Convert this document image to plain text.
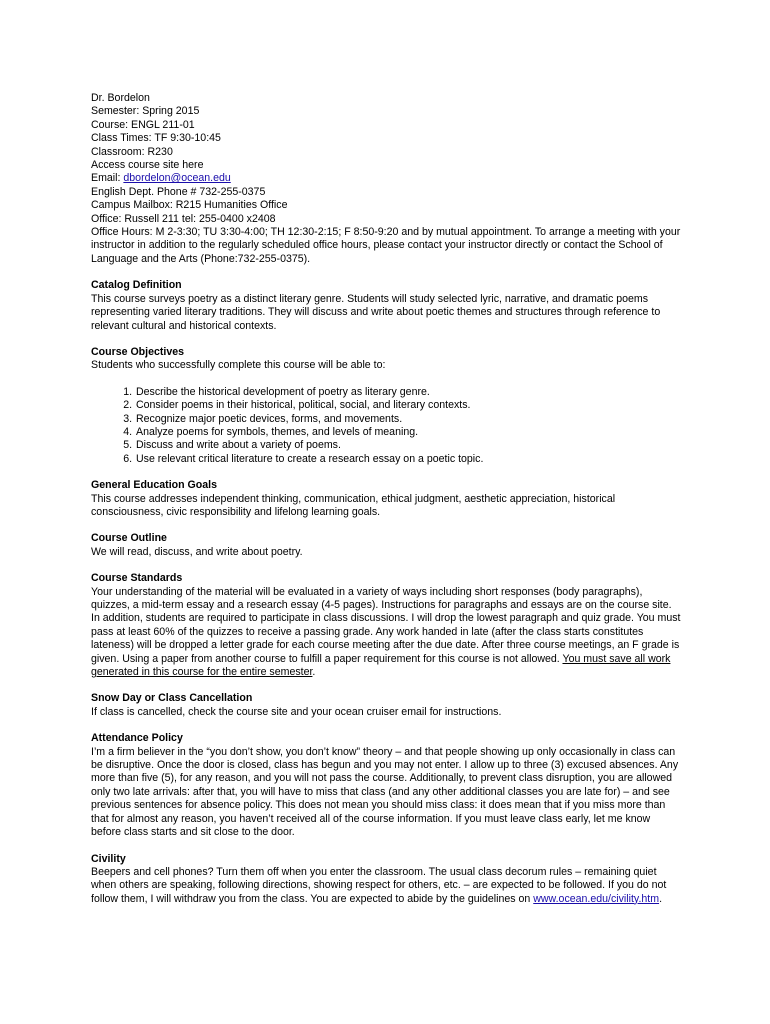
Dr. Bordelon
Semester: Spring 2015
Course: ENGL 211-01
Class Times: TF 9:30-10:45
Classroom: R230
Access course site here
Email: dbordelon@ocean.edu
English Dept. Phone # 732-255-0375
Campus Mailbox: R215 Humanities Office
Office: Russell 211 tel: 255-0400 x2408

Office Hours: M 2-3:30; TU 3:30-4:00; TH 12:30-2:15; F 8:50-9:20 and by mutual appointment. To arrange a meeting with your instructor in addition to the regularly scheduled office hours, please contact your instructor directly or contact the School of Language and the Arts (Phone:732-255-0375).

Catalog Definition

This course surveys poetry as a distinct literary genre. Students will study selected lyric, narrative, and dramatic poems representing varied literary traditions. They will discuss and write about poetic themes and structures through reference to relevant cultural and historical contexts.

Course Objectives

Students who successfully complete this course will be able to:

1. Describe the historical development of poetry as literary genre.
2. Consider poems in their historical, political, social, and literary contexts.
3. Recognize major poetic devices, forms, and movements.
4. Analyze poems for symbols, themes, and levels of meaning.
5. Discuss and write about a variety of poems.
6. Use relevant critical literature to create a research essay on a poetic topic.
General Education Goals

This course addresses independent thinking, communication, ethical judgment, aesthetic appreciation, historical consciousness, civic responsibility and lifelong learning goals.

Course Outline

We will read, discuss, and write about poetry.

Course Standards

Your understanding of the material will be evaluated in a variety of ways including short responses (body paragraphs), quizzes, a mid-term essay and a research essay (4-5 pages). Instructions for paragraphs and essays are on the course site. In addition, students are required to participate in class discussions. I will drop the lowest paragraph and quiz grade. You must pass at least 60% of the quizzes to receive a passing grade. Any work handed in late (after the class starts constitutes lateness) will be dropped a letter grade for each course meeting after the due date. After three course meetings, an F grade is given. Using a paper from another course to fulfill a paper requirement for this course is not allowed. You must save all work generated in this course for the entire semester.

Snow Day or Class Cancellation

If class is cancelled, check the course site and your ocean cruiser email for instructions.

Attendance Policy

I’m a firm believer in the “you don’t show, you don’t know” theory – and that people showing up only occasionally in class can be disruptive. Once the door is closed, class has begun and you may not enter. I allow up to three (3) excused absences. Any more than five (5), for any reason, and you will not pass the course. Additionally, to prevent class disruption, you are allowed only two late arrivals: after that, you will have to miss that class (and any other additional classes you are late for) – and see previous sentences for absence policy. This does not mean you should miss class: it does mean that if you miss more than that for almost any reason, you haven’t received all of the course information. If you must leave class early, let me know before class starts and sit close to the door.

Civility

Beepers and cell phones? Turn them off when you enter the classroom. The usual class decorum rules – remaining quiet when others are speaking, following directions, showing respect for others, etc. – are expected to be followed. If you do not follow them, I will withdraw you from the class. You are expected to abide by the guidelines on www.ocean.edu/civility.htm.
